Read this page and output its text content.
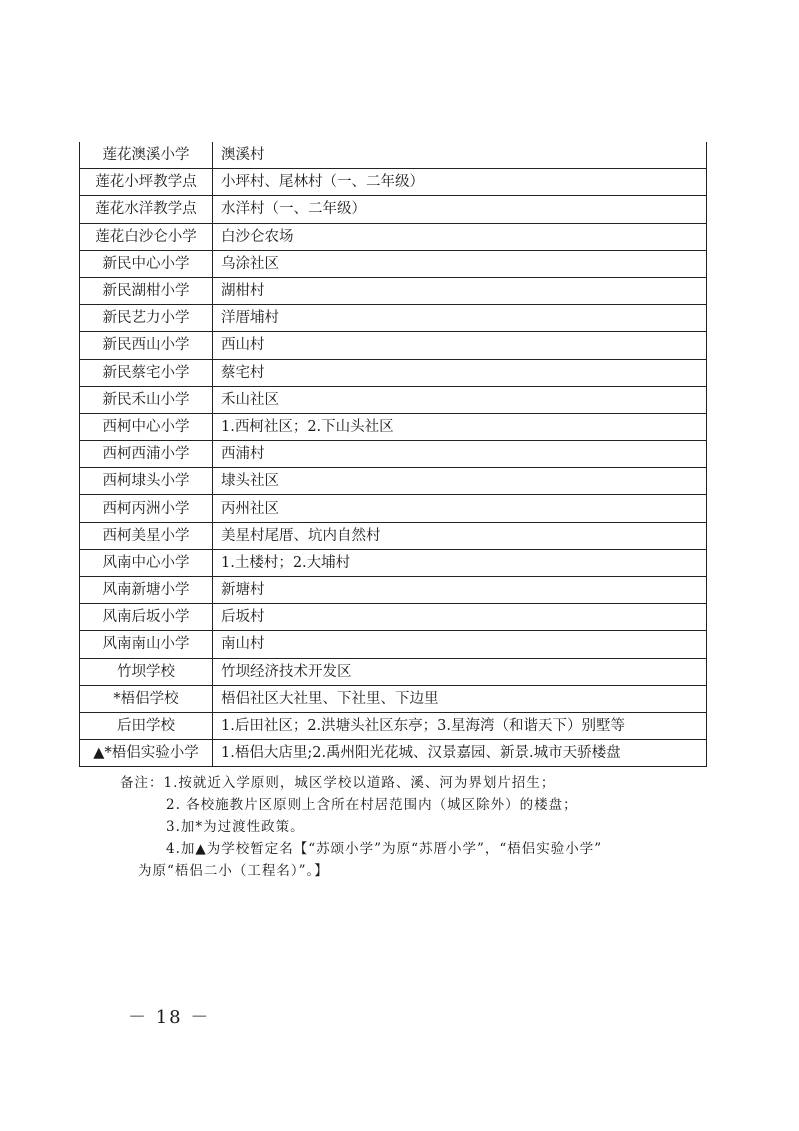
莲花澳溪小学	澳溪村
莲花小坪教学点	小坪村、尾林村（一、二年级）
莲花水洋教学点	水洋村（一、二年级）
莲花白沙仑小学	白沙仑农场
新民中心小学	乌涂社区
新民湖柑小学	湖柑村
新民艺力小学	洋厝埔村
新民西山小学	西山村
新民蔡宅小学	蔡宅村
新民禾山小学	禾山社区
西柯中心小学	1.西柯社区；2.下山头社区
西柯西浦小学	西浦村
西柯埭头小学	埭头社区
西柯丙洲小学	丙州社区
西柯美星小学	美星村尾厝、坑内自然村
风南中心小学	1.土楼村；2.大埔村
风南新塘小学	新塘村
风南后坂小学	后坂村
风南南山小学	南山村
竹坝学校	竹坝经济技术开发区
*梧侣学校	梧侣社区大社里、下社里、下边里
后田学校	1.后田社区；2.洪塘头社区东亭；3.星海湾（和谐天下）别墅等
▲*梧侣实验小学	1.梧侣大店里;2.禹州阳光花城、汉景嘉园、新景.城市天骄楼盘
备注：1.按就近入学原则，城区学校以道路、溪、河为界划片招生；
2. 各校施教片区原则上含所在村居范围内（城区除外）的楼盘；
3.加*为过渡性政策。
4.加▲为学校暂定名【“苏颂小学”为原“苏厝小学”，“梧侣实验小学”
为原“梧侣二小（工程名）”。】
－ 18 －
